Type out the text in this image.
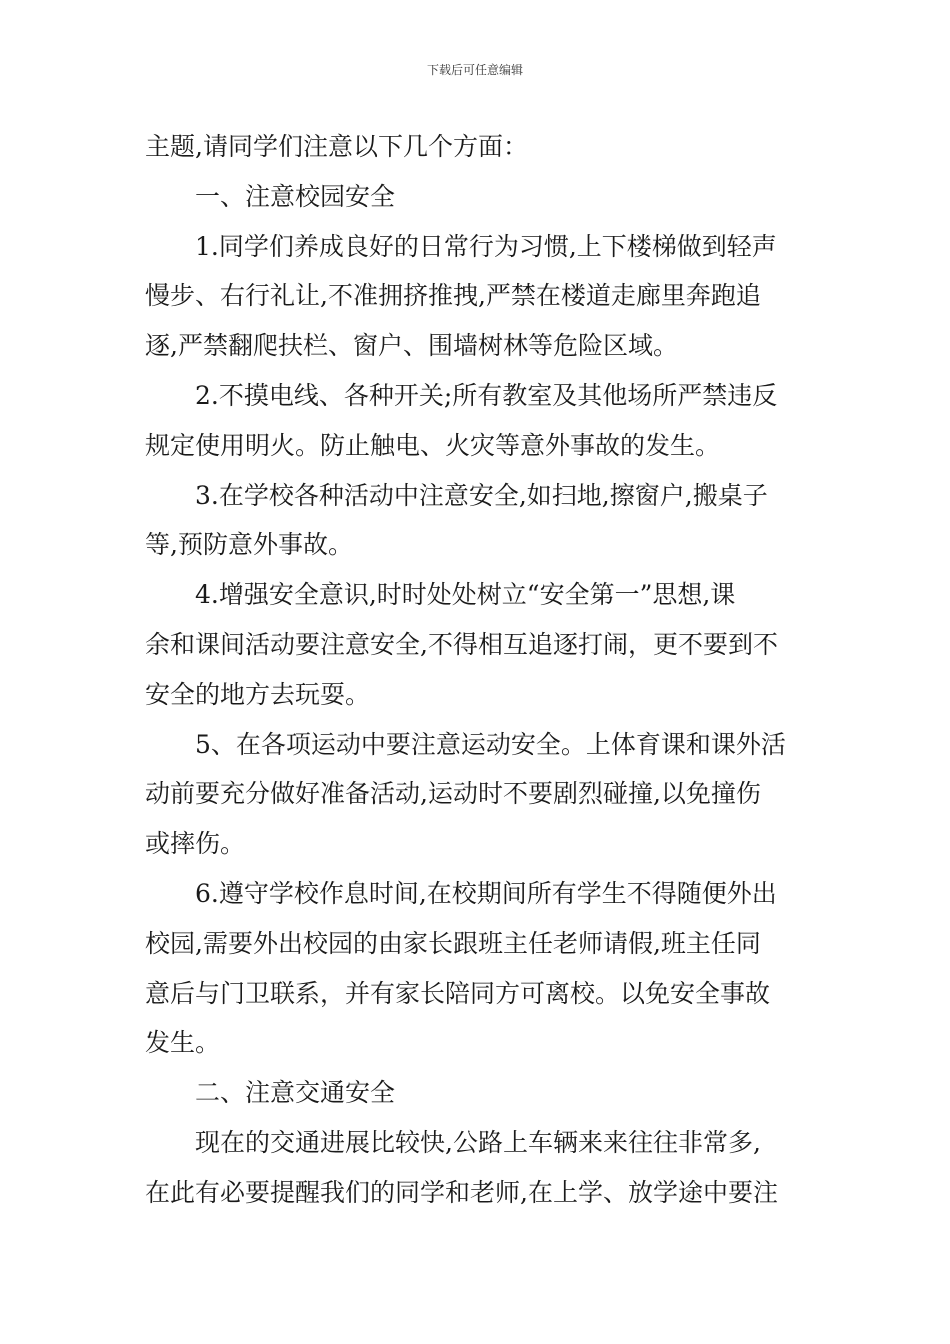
下载后可任意编辑
主题,请同学们注意以下几个方面：
一、注意校园安全
1.同学们养成良好的日常行为习惯,上下楼梯做到轻声
慢步、右行礼让,不准拥挤推拽,严禁在楼道走廊里奔跑追
逐,严禁翻爬扶栏、窗户、围墙树林等危险区域。
2.不摸电线、各种开关;所有教室及其他场所严禁违反
规定使用明火。防止触电、火灾等意外事故的发生。
3.在学校各种活动中注意安全,如扫地,擦窗户,搬桌子
等,预防意外事故。
4.增强安全意识,时时处处树立“安全第一”思想,课
余和课间活动要注意安全,不得相互追逐打闹，更不要到不
安全的地方去玩耍。
5、在各项运动中要注意运动安全。上体育课和课外活
动前要充分做好准备活动,运动时不要剧烈碰撞,以免撞伤
或摔伤。
6.遵守学校作息时间,在校期间所有学生不得随便外出
校园,需要外出校园的由家长跟班主任老师请假,班主任同
意后与门卫联系，并有家长陪同方可离校。以免安全事故
发生。
二、注意交通安全
现在的交通进展比较快,公路上车辆来来往往非常多,
在此有必要提醒我们的同学和老师,在上学、放学途中要注
